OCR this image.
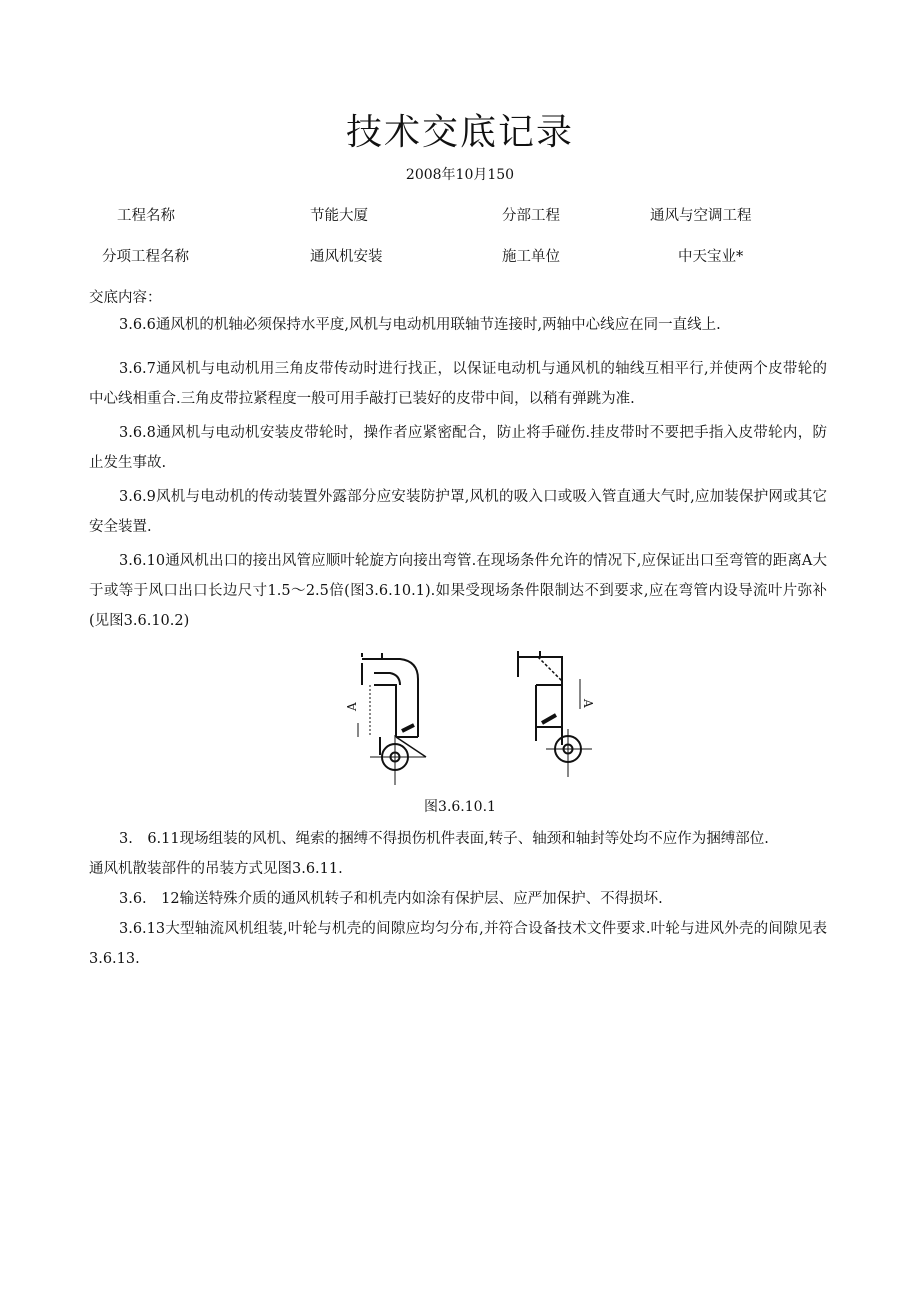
技术交底记录
2008年10月150
工程名称	节能大厦	分部工程	通风与空调工程
分项工程名称	通风机安装	施工单位	中天宝业*
交底内容：
3.6.6通风机的机轴必须保持水平度,风机与电动机用联轴节连接时,两轴中心线应在同一直线上.
3.6.7通风机与电动机用三角皮带传动时进行找正，以保证电动机与通风机的轴线互相平行,并使两个皮带轮的中心线相重合.三角皮带拉紧程度一般可用手敲打已装好的皮带中间，以稍有弹跳为准.
3.6.8通风机与电动机安装皮带轮时，操作者应紧密配合，防止将手碰伤.挂皮带时不要把手指入皮带轮内，防止发生事故.
3.6.9风机与电动机的传动装置外露部分应安装防护罩,风机的吸入口或吸入管直通大气时,应加装保护网或其它安全装置.
3.6.10通风机出口的接出风管应顺叶轮旋方向接出弯管.在现场条件允许的情况下,应保证出口至弯管的距离A大于或等于风口出口长边尺寸1.5～2.5倍(图3.6.10.1).如果受现场条件限制达不到要求,应在弯管内设导流叶片弥补(见图3.6.10.2)
A	A
图3.6.10.1
3.　6.11现场组装的风机、绳索的捆缚不得损伤机件表面,转子、轴颈和轴封等处均不应作为捆缚部位.
通风机散装部件的吊装方式见图3.6.11.
3.6.　12输送特殊介质的通风机转子和机壳内如涂有保护层、应严加保护、不得损坏.
3.6.13大型轴流风机组装,叶轮与机壳的间隙应均匀分布,并符合设备技术文件要求.叶轮与进风外壳的间隙见表3.6.13.
